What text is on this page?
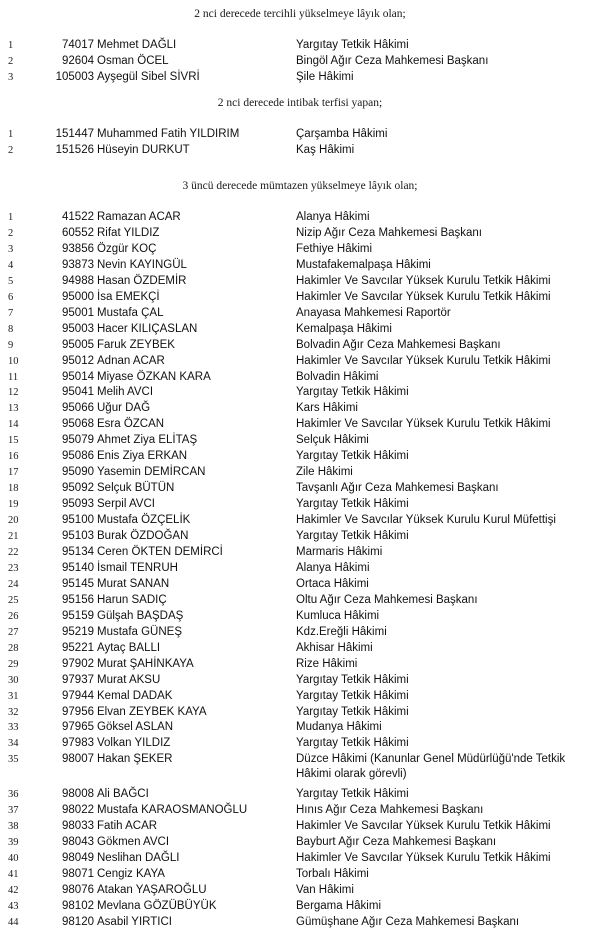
2 nci derecede tercihli yükselmeye lâyık olan;
1	74017 Mehmet DAĞLI	Yargıtay Tetkik Hâkimi
2	92604 Osman ÖCEL	Bingöl Ağır Ceza Mahkemesi Başkanı
3	105003 Ayşegül Sibel SİVRİ	Şile Hâkimi
2 nci derecede intibak terfisi yapan;
1	151447 Muhammed Fatih YILDIRIM	Çarşamba Hâkimi
2	151526 Hüseyin DURKUT	Kaş Hâkimi
3 üncü derecede mümtazen yükselmeye lâyık olan;
1	41522 Ramazan ACAR	Alanya Hâkimi
2	60552 Rifat YILDIZ	Nizip Ağır Ceza Mahkemesi Başkanı
3	93856 Özgür KOÇ	Fethiye Hâkimi
4	93873 Nevin KAYINGÜL	Mustafakemalpaşa Hâkimi
5	94988 Hasan ÖZDEMİR	Hakimler Ve Savcılar Yüksek Kurulu Tetkik Hâkimi
6	95000 İsa EMEKÇİ	Hakimler Ve Savcılar Yüksek Kurulu Tetkik Hâkimi
7	95001 Mustafa ÇAL	Anayasa Mahkemesi Raportör
8	95003 Hacer KILIÇASLAN	Kemalpaşa Hâkimi
9	95005 Faruk ZEYBEK	Bolvadin Ağır Ceza Mahkemesi Başkanı
10	95012 Adnan ACAR	Hakimler Ve Savcılar Yüksek Kurulu Tetkik Hâkimi
11	95014 Miyase ÖZKAN KARA	Bolvadin Hâkimi
12	95041 Melih AVCI	Yargıtay Tetkik Hâkimi
13	95066 Uğur DAĞ	Kars Hâkimi
14	95068 Esra ÖZCAN	Hakimler Ve Savcılar Yüksek Kurulu Tetkik Hâkimi
15	95079 Ahmet Ziya ELİTAŞ	Selçuk Hâkimi
16	95086 Enis Ziya ERKAN	Yargıtay Tetkik Hâkimi
17	95090 Yasemin DEMİRCAN	Zile Hâkimi
18	95092 Selçuk BÜTÜN	Tavşanlı Ağır Ceza Mahkemesi Başkanı
19	95093 Serpil AVCI	Yargıtay Tetkik Hâkimi
20	95100 Mustafa ÖZÇELİK	Hakimler Ve Savcılar Yüksek Kurulu Kurul Müfettişi
21	95103 Burak ÖZDOĞAN	Yargıtay Tetkik Hâkimi
22	95134 Ceren ÖKTEN DEMİRCİ	Marmaris Hâkimi
23	95140 İsmail TENRUH	Alanya Hâkimi
24	95145 Murat SANAN	Ortaca Hâkimi
25	95156 Harun SADIÇ	Oltu Ağır Ceza Mahkemesi Başkanı
26	95159 Gülşah BAŞDAŞ	Kumluca Hâkimi
27	95219 Mustafa GÜNEŞ	Kdz.Ereğli Hâkimi
28	95221 Aytaç BALLI	Akhisar Hâkimi
29	97902 Murat ŞAHİNKAYA	Rize Hâkimi
30	97937 Murat AKSU	Yargıtay Tetkik Hâkimi
31	97944 Kemal DADAK	Yargıtay Tetkik Hâkimi
32	97956 Elvan ZEYBEK KAYA	Yargıtay Tetkik Hâkimi
33	97965 Göksel ASLAN	Mudanya Hâkimi
34	97983 Volkan YILDIZ	Yargıtay Tetkik Hâkimi
35	98007 Hakan ŞEKER	Düzce Hâkimi (Kanunlar Genel Müdürlüğü'nde Tetkik Hâkimi olarak görevli)
36	98008 Ali BAĞCI	Yargıtay Tetkik Hâkimi
37	98022 Mustafa KARAOSMANOĞLU	Hınıs Ağır Ceza Mahkemesi Başkanı
38	98033 Fatih ACAR	Hakimler Ve Savcılar Yüksek Kurulu Tetkik Hâkimi
39	98043 Gökmen AVCI	Bayburt Ağır Ceza Mahkemesi Başkanı
40	98049 Neslihan DAĞLI	Hakimler Ve Savcılar Yüksek Kurulu Tetkik Hâkimi
41	98071 Cengiz KAYA	Torbalı Hâkimi
42	98076 Atakan YAŞAROĞLU	Van Hâkimi
43	98102 Mevlana GÖZÜBÜYÜK	Bergama Hâkimi
44	98120 Asabil YIRTICI	Gümüşhane Ağır Ceza Mahkemesi Başkanı
